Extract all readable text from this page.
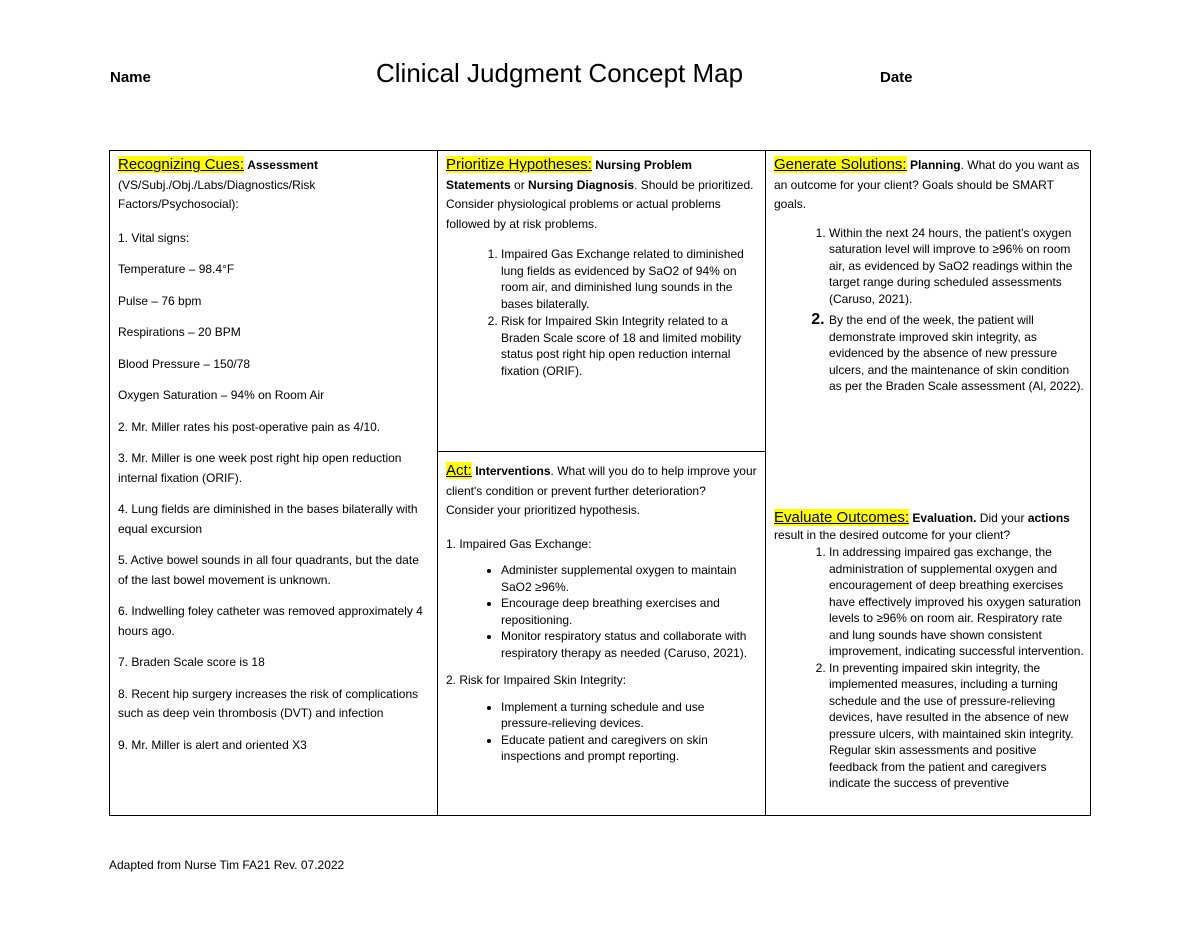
Name	Clinical Judgment Concept Map	Date
Recognizing Cues: Assessment (VS/Subj./Obj./Labs/Diagnostics/Risk Factors/Psychosocial):

1. Vital signs:

Temperature – 98.4°F

Pulse – 76 bpm

Respirations – 20 BPM

Blood Pressure – 150/78

Oxygen Saturation – 94% on Room Air

2. Mr. Miller rates his post-operative pain as 4/10.

3. Mr. Miller is one week post right hip open reduction internal fixation (ORIF).

4. Lung fields are diminished in the bases bilaterally with equal excursion

5. Active bowel sounds in all four quadrants, but the date of the last bowel movement is unknown.

6. Indwelling foley catheter was removed approximately 4 hours ago.

7. Braden Scale score is 18

8. Recent hip surgery increases the risk of complications such as deep vein thrombosis (DVT) and infection

9. Mr. Miller is alert and oriented X3

Prioritize Hypotheses: Nursing Problem Statements or Nursing Diagnosis. Should be prioritized. Consider physiological problems or actual problems followed by at risk problems.
1. Impaired Gas Exchange related to diminished lung fields as evidenced by SaO2 of 94% on room air, and diminished lung sounds in the bases bilaterally.
2. Risk for Impaired Skin Integrity related to a Braden Scale score of 18 and limited mobility status post right hip open reduction internal fixation (ORIF).
Act: Interventions. What will you do to help improve your client's condition or prevent further deterioration? Consider your prioritized hypothesis.
1. Impaired Gas Exchange:
• Administer supplemental oxygen to maintain SaO2 ≥96%.
• Encourage deep breathing exercises and repositioning.
• Monitor respiratory status and collaborate with respiratory therapy as needed (Caruso, 2021).
2. Risk for Impaired Skin Integrity:
• Implement a turning schedule and use pressure-relieving devices.
• Educate patient and caregivers on skin inspections and prompt reporting.
Generate Solutions: Planning. What do you want as an outcome for your client? Goals should be SMART goals.
1. Within the next 24 hours, the patient's oxygen saturation level will improve to ≥96% on room air, as evidenced by SaO2 readings within the target range during scheduled assessments (Caruso, 2021).
2. By the end of the week, the patient will demonstrate improved skin integrity, as evidenced by the absence of new pressure ulcers, and the maintenance of skin condition as per the Braden Scale assessment (Al, 2022).
Evaluate Outcomes: Evaluation. Did your actions result in the desired outcome for your client?
1. In addressing impaired gas exchange, the administration of supplemental oxygen and encouragement of deep breathing exercises have effectively improved his oxygen saturation levels to ≥96% on room air. Respiratory rate and lung sounds have shown consistent improvement, indicating successful intervention.
2. In preventing impaired skin integrity, the implemented measures, including a turning schedule and the use of pressure-relieving devices, have resulted in the absence of new pressure ulcers, with maintained skin integrity. Regular skin assessments and positive feedback from the patient and caregivers indicate the success of preventive
Adapted from Nurse Tim FA21 Rev. 07.2022
